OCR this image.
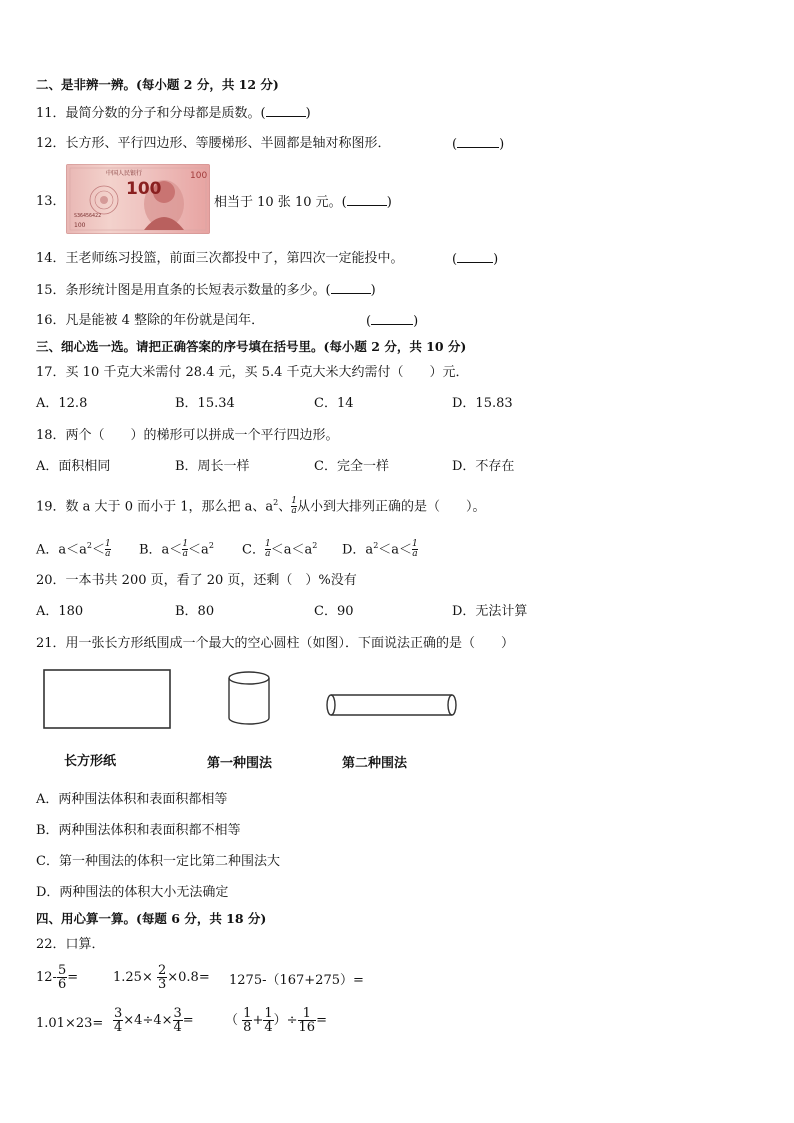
二、是非辨一辨。(每小题 2 分，共 12 分)
11．最简分数的分子和分母都是质数。(	)
12．长方形、平行四边形、等腰梯形、半圆都是轴对称图形．	(	)
13．
100
S36456422
100
中国人民银行
100
相当于 10 张 10 元。(	)
14．王老师练习投篮，前面三次都投中了，第四次一定能投中。	(	)
15．条形统计图是用直条的长短表示数量的多少。(	)
16．凡是能被 4 整除的年份就是闰年．	(	)
三、细心选一选。请把正确答案的序号填在括号里。(每小题 2 分，共 10 分)
17．买 10 千克大米需付 28.4 元，买 5.4 千克大米大约需付（　　）元．
A．12.8	B．15.34	C．14	D．15.83
18．两个（　　）的梯形可以拼成一个平行四边形。
A．面积相同	B．周长一样	C．完全一样	D．不存在
19．数 a 大于 0 而小于 1，那么把 a、$a^2$、 $\frac{1}{a}$ 从小到大排列正确的是（　　）。
A．$a<a^2< \frac{1}{a}$ B．$a< \frac{1}{a} <a^2$ C． $\frac{1}{a} <a<a^2$ D．$a^2<a< \frac{1}{a}$
20．一本书共 200 页，看了 20 页，还剩（　）%没有
A．180	B．80	C．90	D．无法计算
21．用一张长方形纸围成一个最大的空心圆柱（如图）．下面说法正确的是（　　）
长方形纸	第一种围法	第二种围法
A．两种围法体积和表面积都相等
B．两种围法体积和表面积都不相等
C．第一种围法的体积一定比第二种围法大
D．两种围法的体积大小无法确定
四、用心算一算。(每题 6 分，共 18 分)
22．口算．
$12- \frac{5}{6}$ =	$1.25\times \frac{2}{3} \times 0.8= 1275-(167+275)=$
$1.01\times 23= \frac{3}{4} \times 4\div 4\times \frac{3}{4}$ = （ $\frac{1}{8} + \frac{1}{4}$ ）÷ $\frac{1}{16}$ =
